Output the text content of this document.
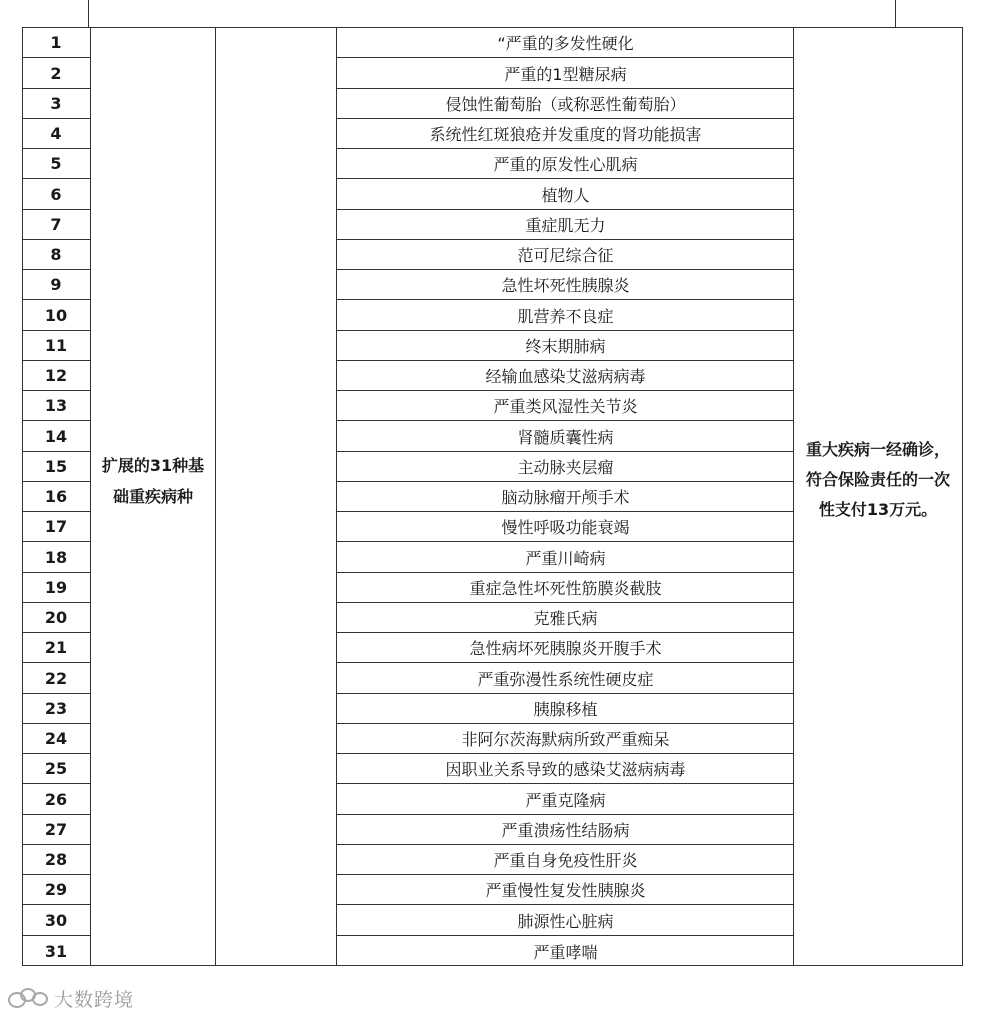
1	“严重的多发性硬化
2	严重的1型糖尿病
3	侵蚀性葡萄胎（或称恶性葡萄胎）
4	系统性红斑狼疮并发重度的肾功能损害
5	严重的原发性心肌病
6	植物人
7	重症肌无力
8	范可尼综合征
9	急性坏死性胰腺炎
10	肌营养不良症
11	终末期肺病
12	经输血感染艾滋病病毒
13	严重类风湿性关节炎
14	肾髓质囊性病
15	主动脉夹层瘤
16	脑动脉瘤开颅手术
17	慢性呼吸功能衰竭
18	严重川崎病
19	重症急性坏死性筋膜炎截肢
20	克雅氏病
21	急性病坏死胰腺炎开腹手术
22	严重弥漫性系统性硬皮症
23	胰腺移植
24	非阿尔茨海默病所致严重痴呆
25	因职业关系导致的感染艾滋病病毒
26	严重克隆病
27	严重溃疡性结肠病
28	严重自身免疫性肝炎
29	严重慢性复发性胰腺炎
30	肺源性心脏病
31	严重哮喘
扩展的31种基础重疾病种
重大疾病一经确诊，符合保险责任的一次性支付13万元。
大数跨境
